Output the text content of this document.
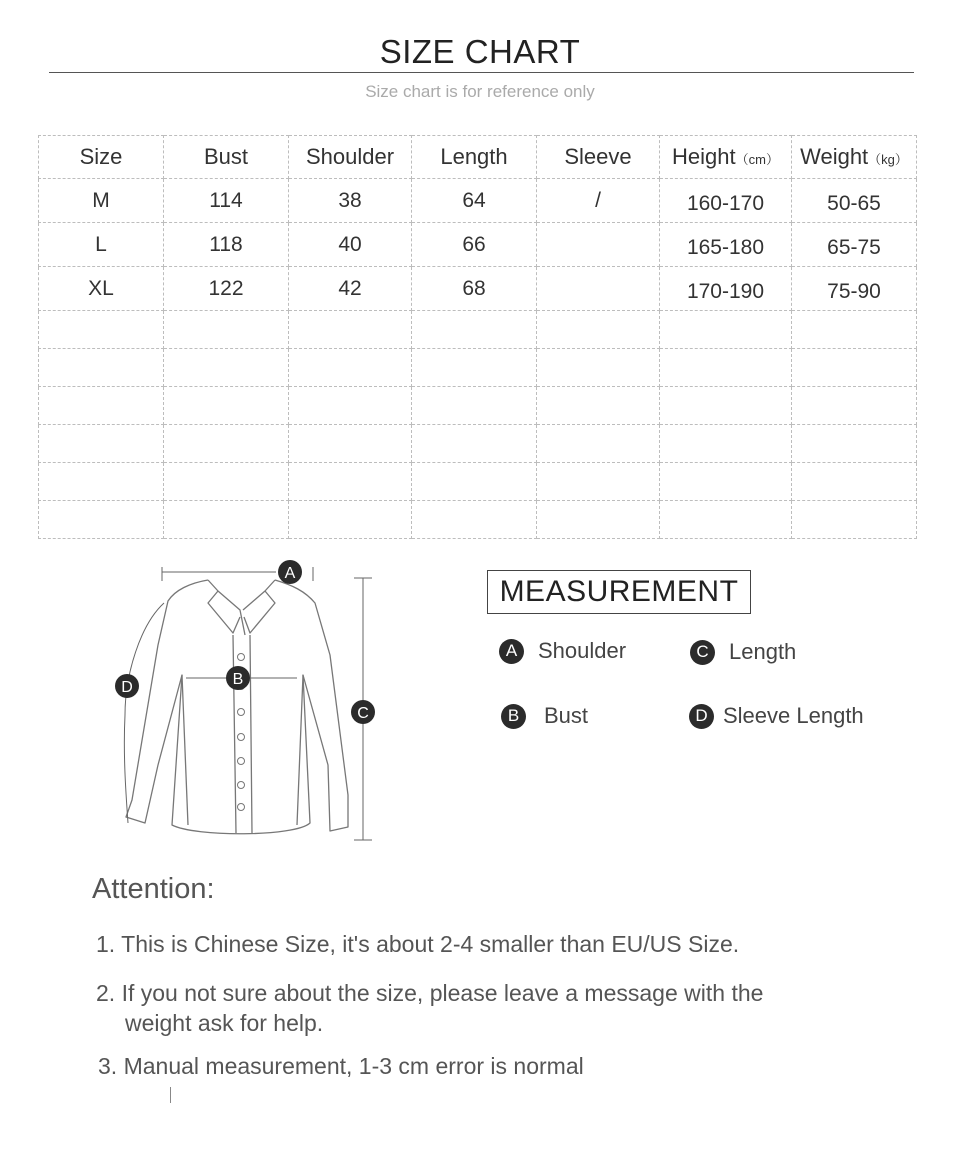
SIZE CHART
Size chart is for reference only
Size	Bust	Shoulder	Length	Sleeve	Height（cm）	Weight（kg）
M	114	38	64	/	160-170	50-65
L	118	40	66		165-180	65-75
XL	122	42	68		170-190	75-90

A
B
C
D
MEASUREMENT
A Shoulder	C Length
B	Bust	D Sleeve Length
Attention:
1. This is Chinese Size, it's about 2-4 smaller than EU/US Size.
2. If you not sure about the size, please leave a message with the
weight ask for help.
3. Manual measurement, 1-3 cm error is normal
